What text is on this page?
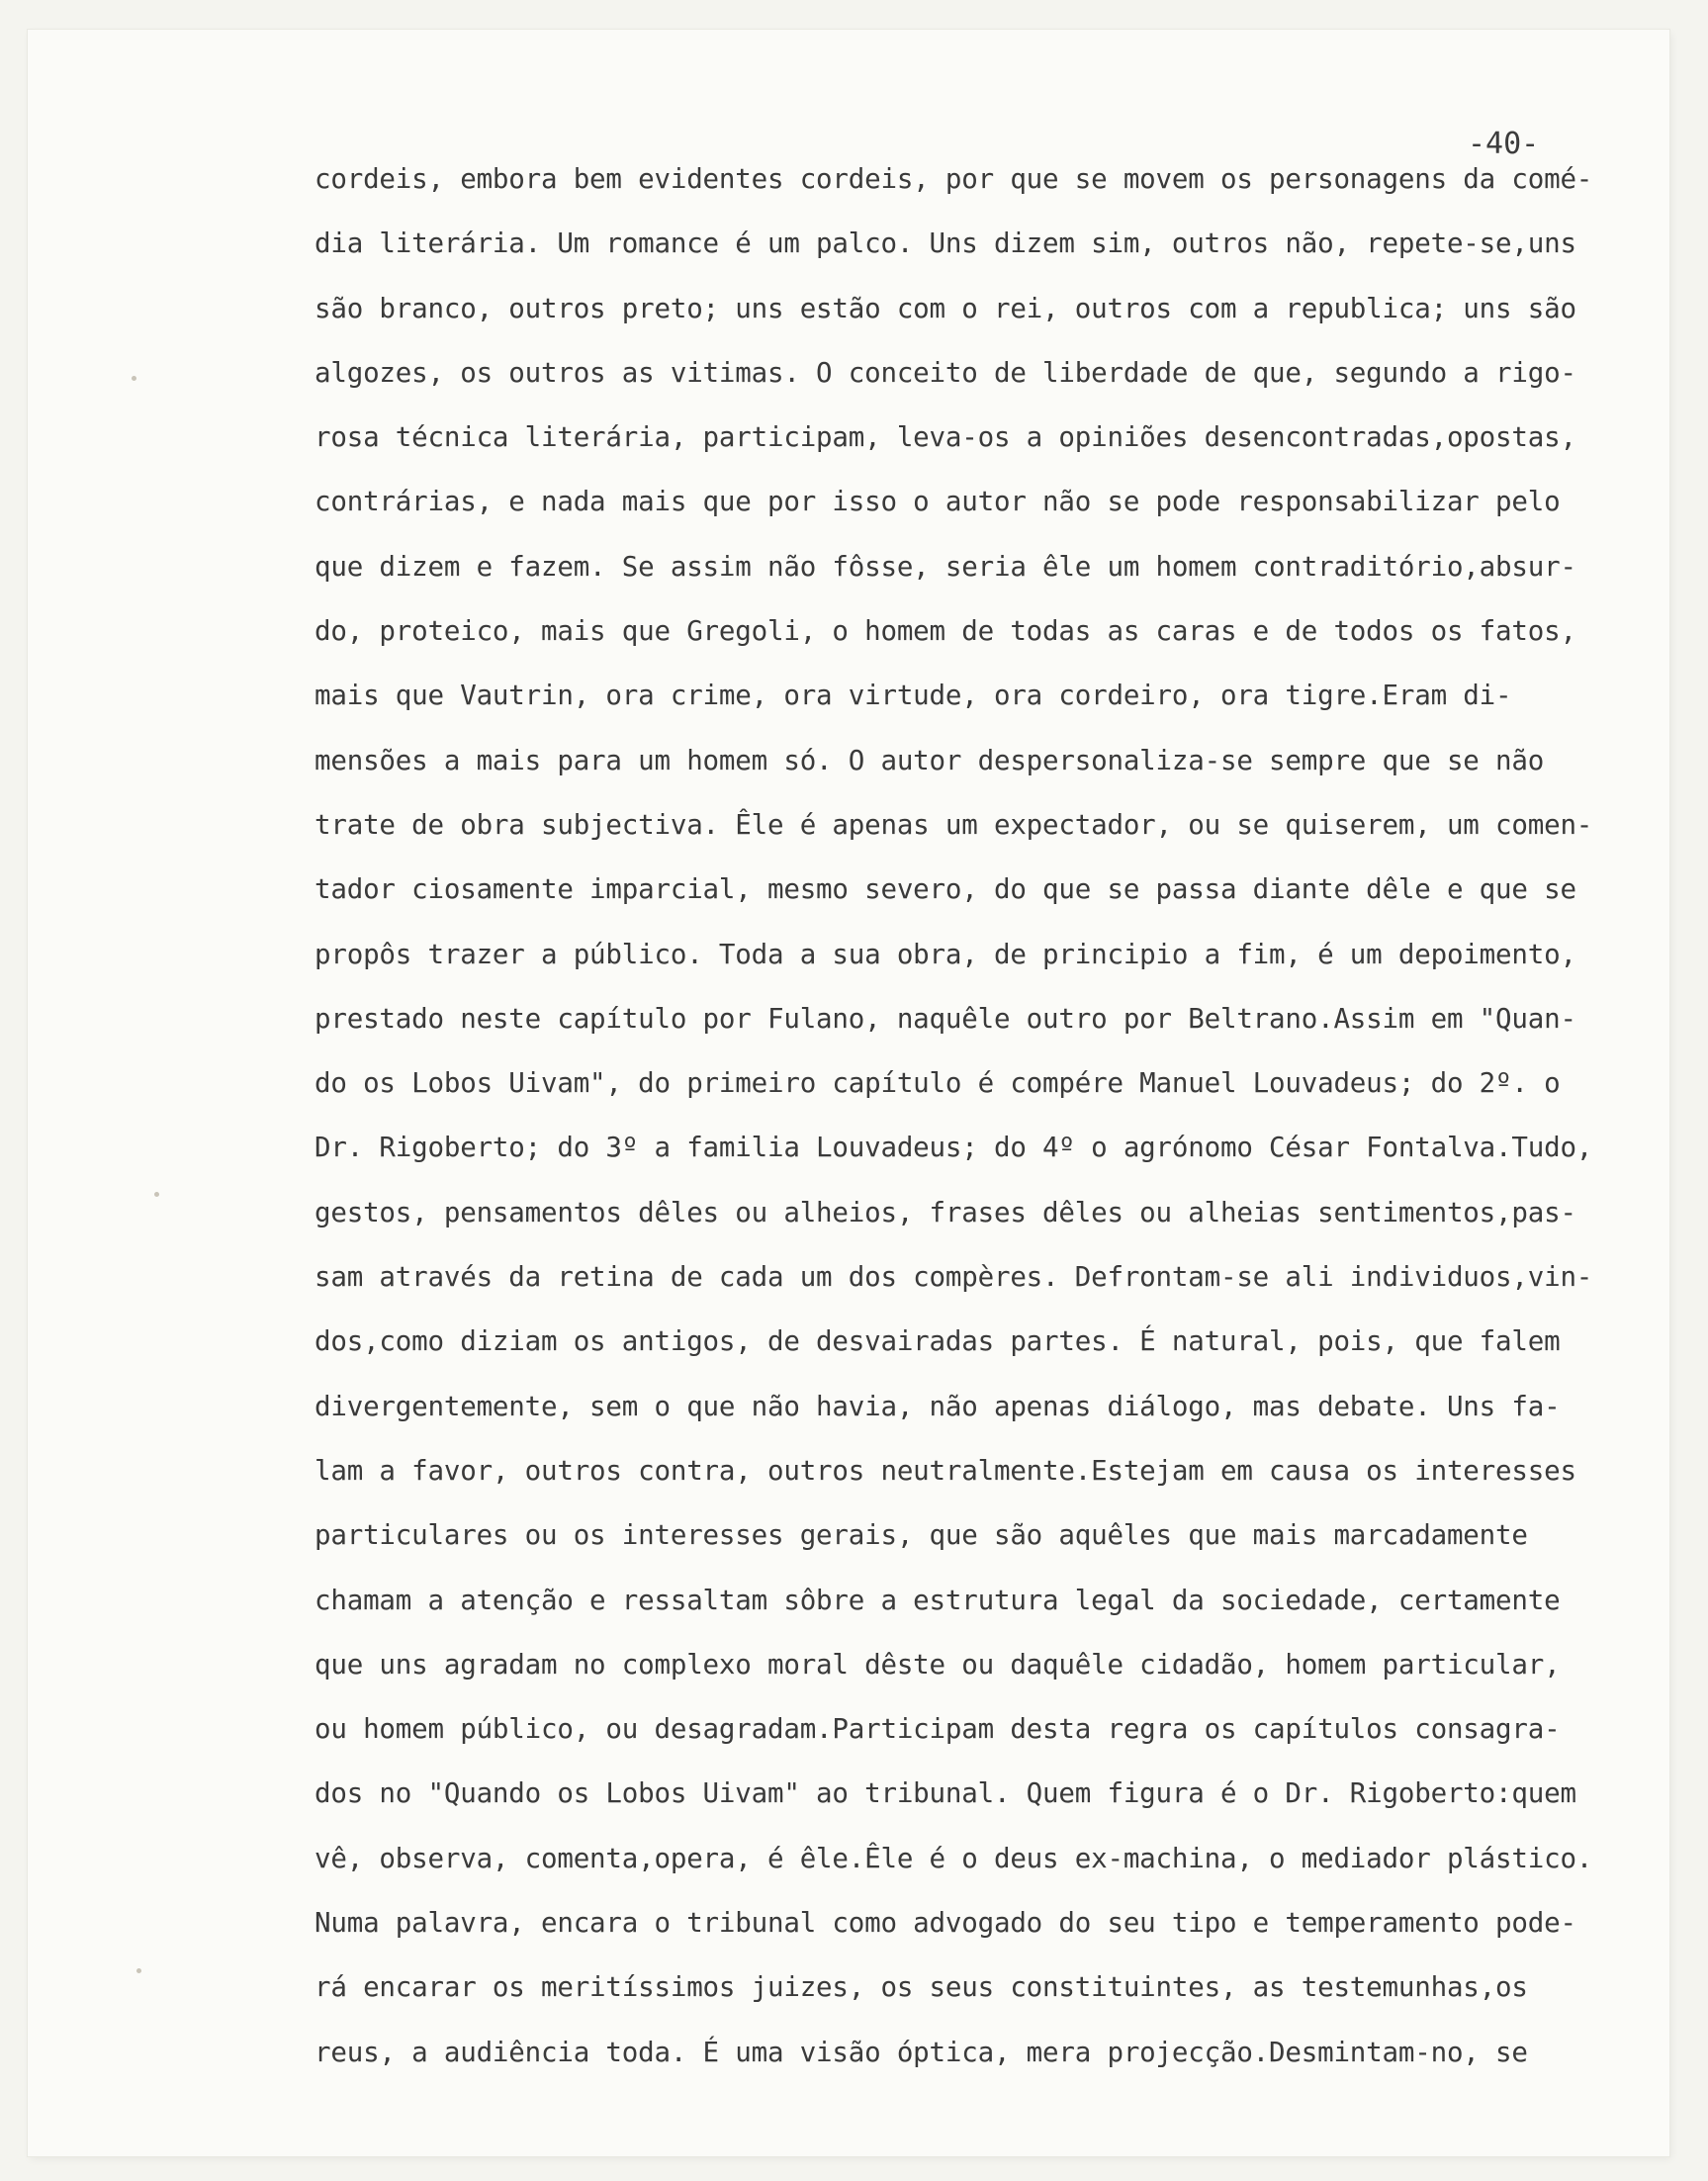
-40-

cordeis, embora bem evidentes cordeis, por que se movem os personagens da comé-
dia literária. Um romance é um palco. Uns dizem sim, outros não, repete-se,uns
são branco, outros preto; uns estão com o rei, outros com a republica; uns são
algozes, os outros as vitimas. O conceito de liberdade de que, segundo a rigo-
rosa técnica literária, participam, leva-os a opiniões desencontradas,opostas,
contrárias, e nada mais que por isso o autor não se pode responsabilizar pelo
que dizem e fazem. Se assim não fôsse, seria êle um homem contraditório,absur-
do, proteico, mais que Gregoli, o homem de todas as caras e de todos os fatos,
mais que Vautrin, ora crime, ora virtude, ora cordeiro, ora tigre.Eram di-
mensões a mais para um homem só. O autor despersonaliza-se sempre que se não
trate de obra subjectiva. Êle é apenas um expectador, ou se quiserem, um comen-
tador ciosamente imparcial, mesmo severo, do que se passa diante dêle e que se
propôs trazer a público. Toda a sua obra, de principio a fim, é um depoimento,
prestado neste capítulo por Fulano, naquêle outro por Beltrano.Assim em "Quan-
do os Lobos Uivam", do primeiro capítulo é compére Manuel Louvadeus; do 2º. o
Dr. Rigoberto; do 3º a familia Louvadeus; do 4º o agrónomo César Fontalva.Tudo,
gestos, pensamentos dêles ou alheios, frases dêles ou alheias sentimentos,pas-
sam através da retina de cada um dos compères. Defrontam-se ali individuos,vin-
dos,como diziam os antigos, de desvairadas partes. É natural, pois, que falem
divergentemente, sem o que não havia, não apenas diálogo, mas debate. Uns fa-
lam a favor, outros contra, outros neutralmente.Estejam em causa os interesses
particulares ou os interesses gerais, que são aquêles que mais marcadamente
chamam a atenção e ressaltam sôbre a estrutura legal da sociedade, certamente
que uns agradam no complexo moral dêste ou daquêle cidadão, homem particular,
ou homem público, ou desagradam.Participam desta regra os capítulos consagra-
dos no "Quando os Lobos Uivam" ao tribunal. Quem figura é o Dr. Rigoberto:quem
vê, observa, comenta,opera, é êle.Êle é o deus ex-machina, o mediador plástico.
Numa palavra, encara o tribunal como advogado do seu tipo e temperamento pode-
rá encarar os meritíssimos juizes, os seus constituintes, as testemunhas,os
reus, a audiência toda. É uma visão óptica, mera projecção.Desmintam-no, se
